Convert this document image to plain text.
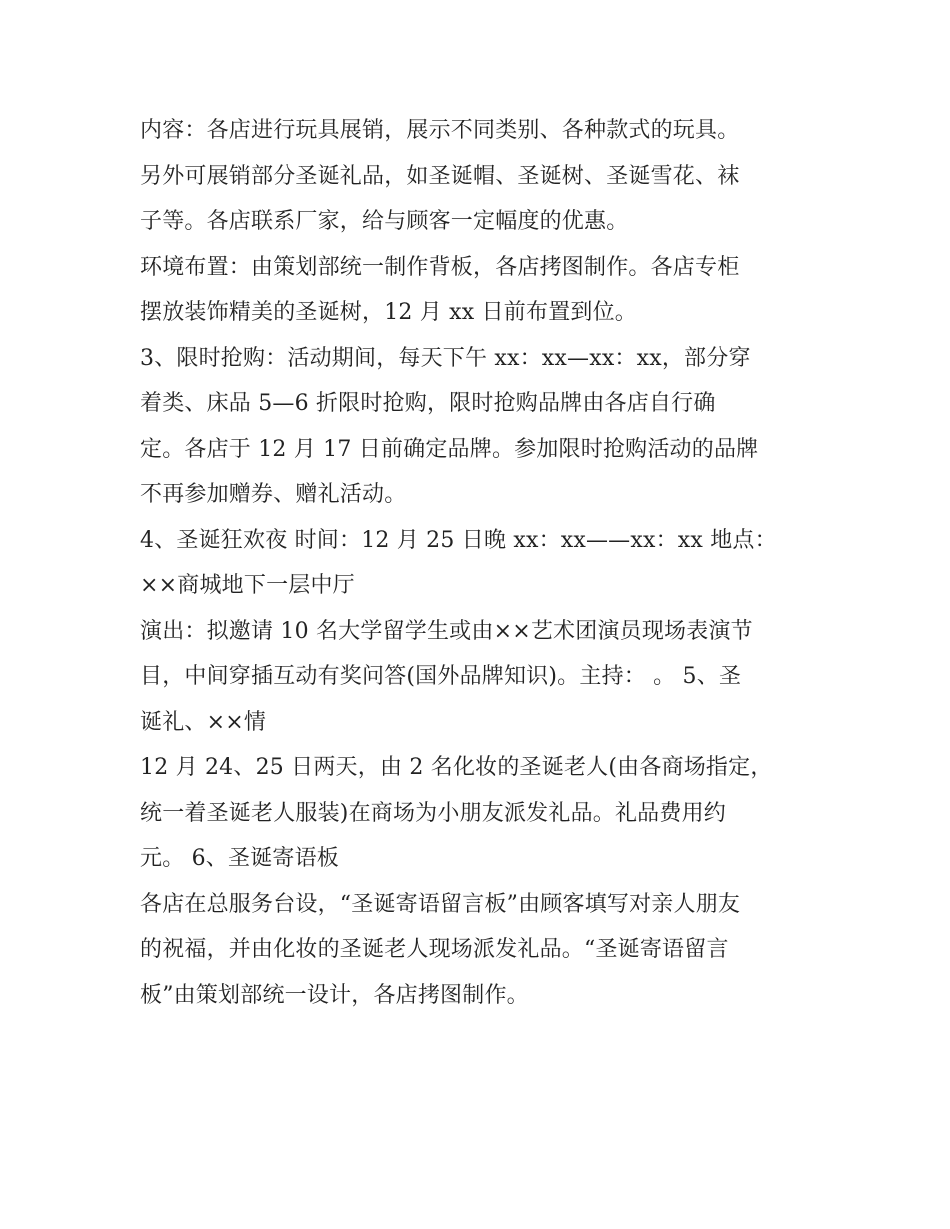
内容：各店进行玩具展销，展示不同类别、各种款式的玩具。
另外可展销部分圣诞礼品，如圣诞帽、圣诞树、圣诞雪花、袜
子等。各店联系厂家，给与顾客一定幅度的优惠。
环境布置：由策划部统一制作背板，各店拷图制作。各店专柜
摆放装饰精美的圣诞树，12 月 xx 日前布置到位。
3、限时抢购：活动期间，每天下午 xx：xx—xx：xx，部分穿
着类、床品 5—6 折限时抢购，限时抢购品牌由各店自行确
定。各店于 12 月 17 日前确定品牌。参加限时抢购活动的品牌
不再参加赠券、赠礼活动。
4、圣诞狂欢夜 时间：12 月 25 日晚 xx：xx——xx：xx 地点：
××商城地下一层中厅
演出：拟邀请 10 名大学留学生或由××艺术团演员现场表演节
目，中间穿插互动有奖问答(国外品牌知识)。主持： 。 5、圣
诞礼、××情
12 月 24、25 日两天，由 2 名化妆的圣诞老人(由各商场指定，
统一着圣诞老人服装)在商场为小朋友派发礼品。礼品费用约
元。 6、圣诞寄语板
各店在总服务台设，“圣诞寄语留言板”由顾客填写对亲人朋友
的祝福，并由化妆的圣诞老人现场派发礼品。“圣诞寄语留言
板”由策划部统一设计，各店拷图制作。
